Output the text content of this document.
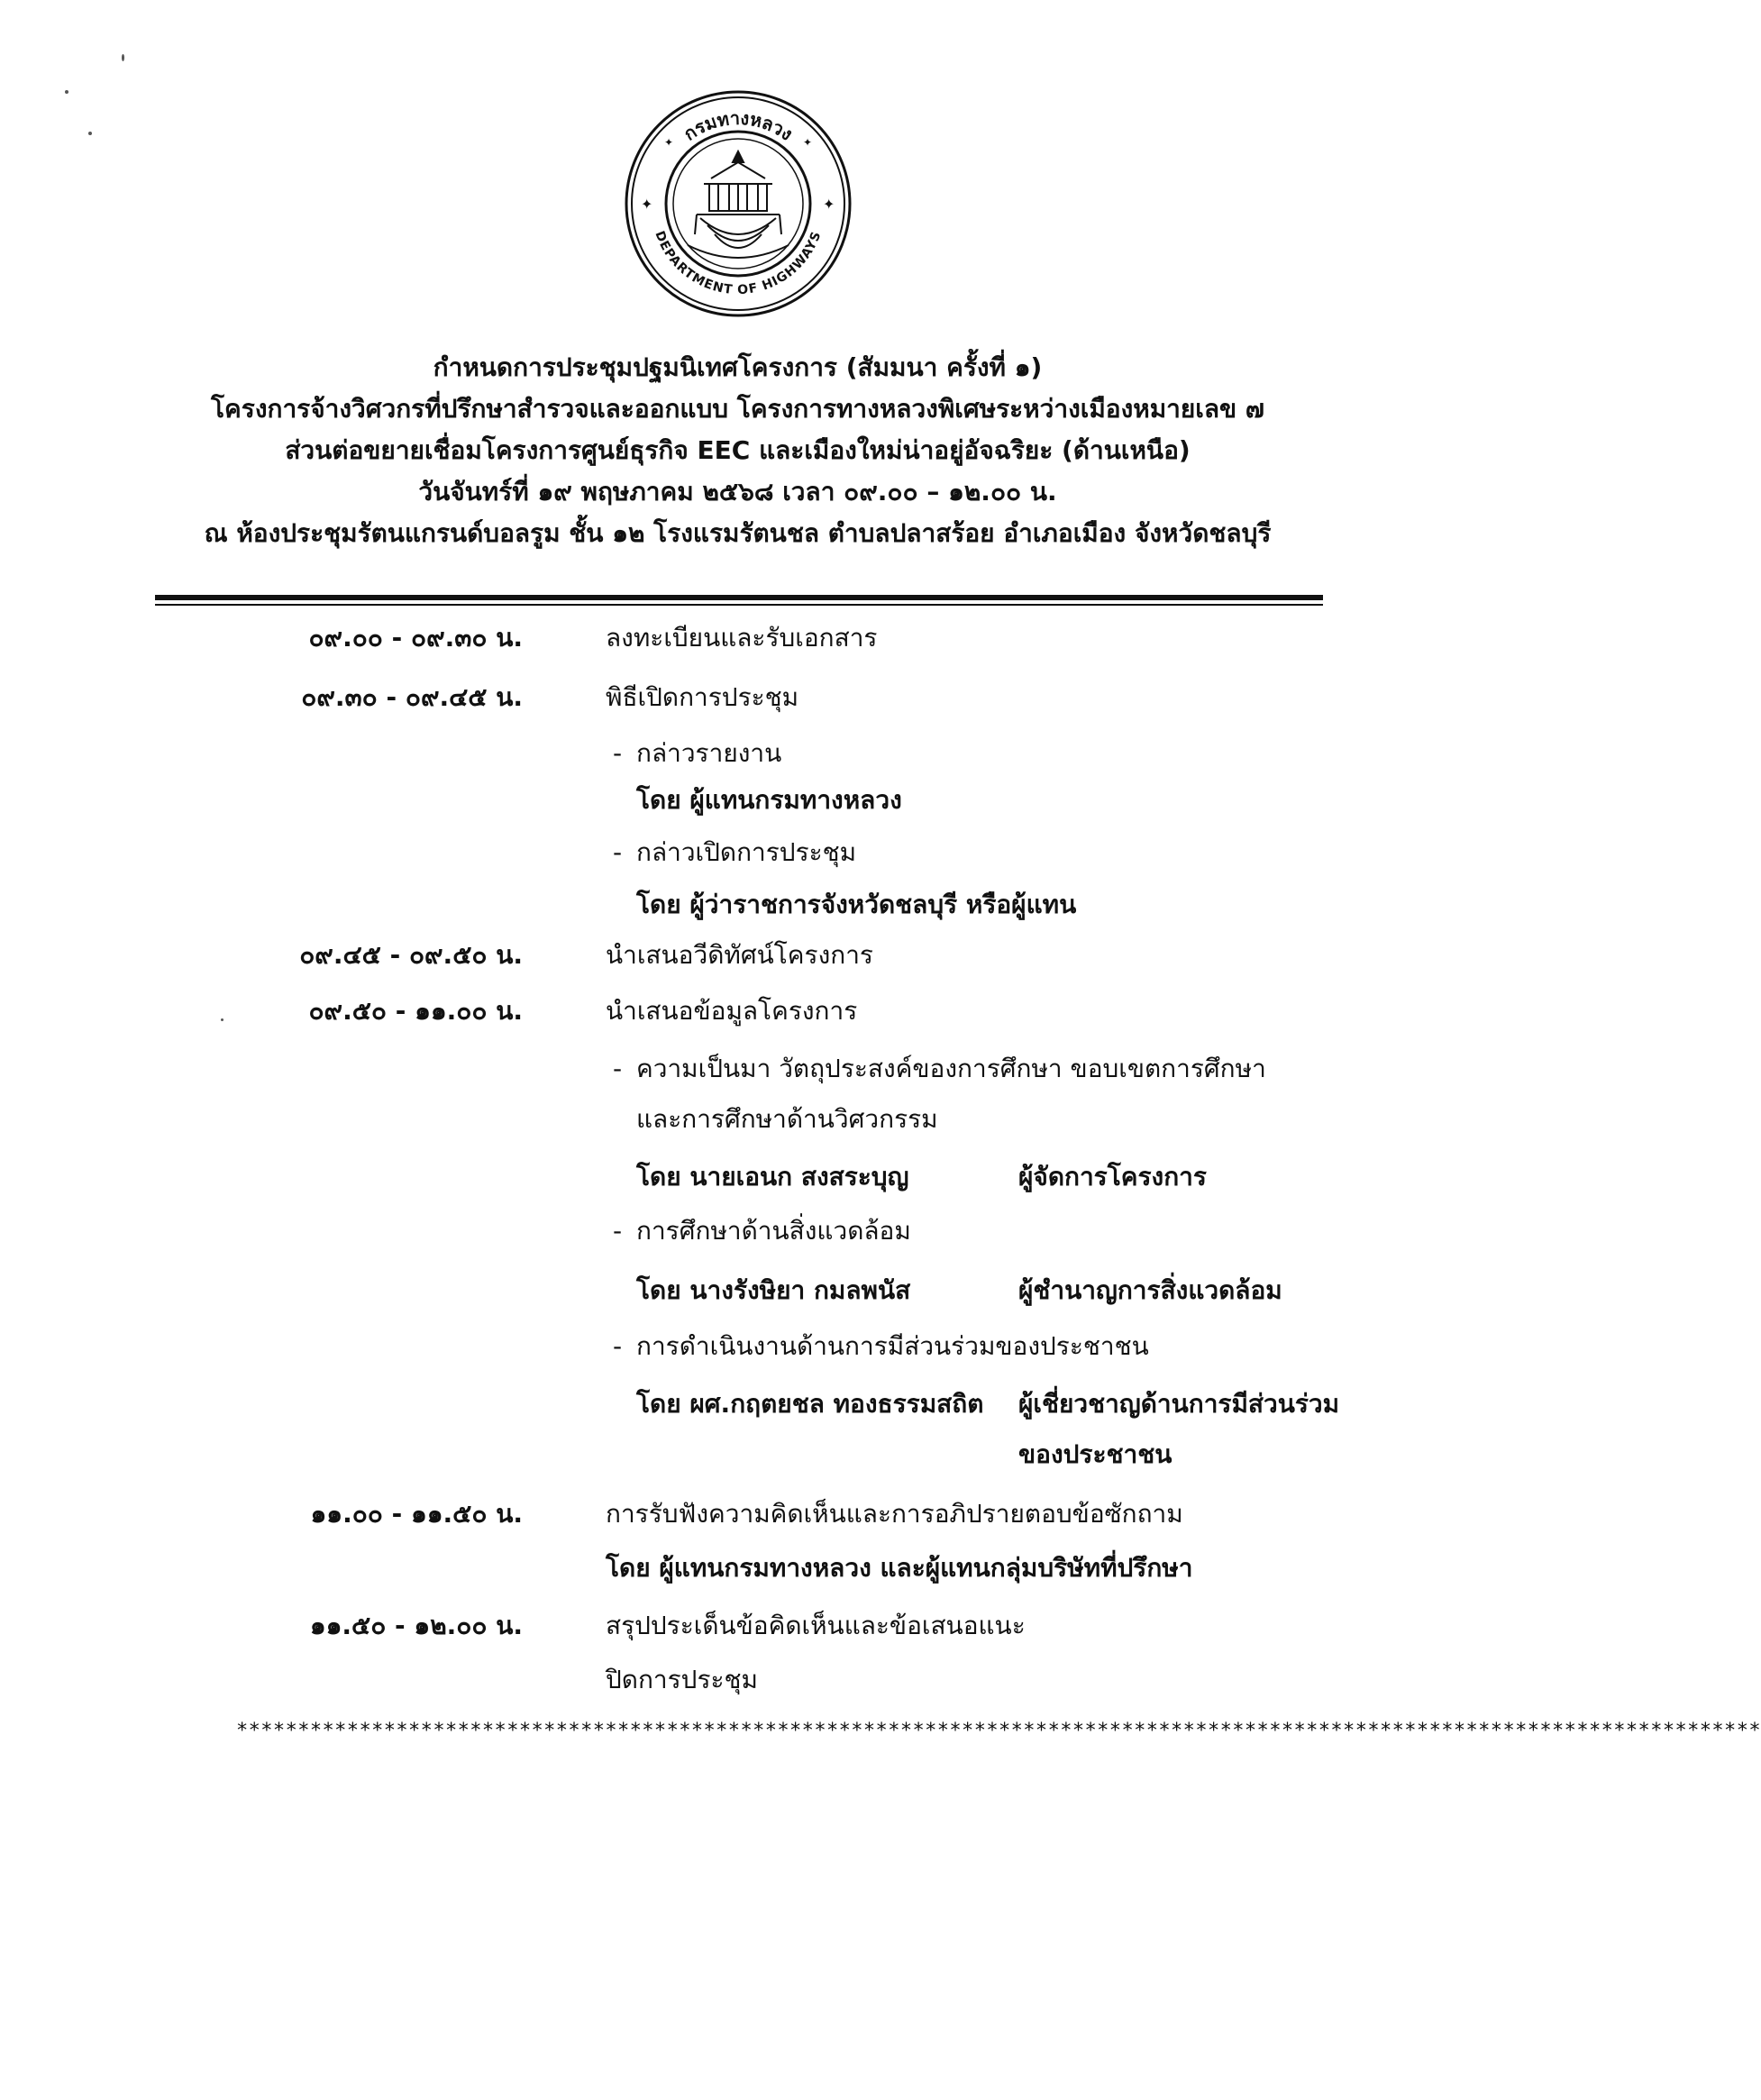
กรมทางหลวง
DEPARTMENT OF HIGHWAYS
✦	✦
✦	✦
กำหนดการประชุมปฐมนิเทศโครงการ (สัมมนา ครั้งที่ ๑)
โครงการจ้างวิศวกรที่ปรึกษาสำรวจและออกแบบ โครงการทางหลวงพิเศษระหว่างเมืองหมายเลข ๗
ส่วนต่อขยายเชื่อมโครงการศูนย์ธุรกิจ EEC และเมืองใหม่น่าอยู่อัจฉริยะ (ด้านเหนือ)
วันจันทร์ที่ ๑๙ พฤษภาคม ๒๕๖๘ เวลา ๐๙.๐๐ – ๑๒.๐๐ น.
ณ ห้องประชุมรัตนแกรนด์บอลรูม ชั้น ๑๒ โรงแรมรัตนชล ตำบลปลาสร้อย อำเภอเมือง จังหวัดชลบุรี
๐๙.๐๐ - ๐๙.๓๐ น.	ลงทะเบียนและรับเอกสาร
๐๙.๓๐ - ๐๙.๔๕ น.	พิธีเปิดการประชุม
- กล่าวรายงาน
โดย ผู้แทนกรมทางหลวง
- กล่าวเปิดการประชุม
โดย ผู้ว่าราชการจังหวัดชลบุรี หรือผู้แทน
๐๙.๔๕ - ๐๙.๕๐ น.	นำเสนอวีดิทัศน์โครงการ
๐๙.๕๐ - ๑๑.๐๐ น.	นำเสนอข้อมูลโครงการ
- ความเป็นมา วัตถุประสงค์ของการศึกษา ขอบเขตการศึกษา
และการศึกษาด้านวิศวกรรม
โดย นายเอนก สงสระบุญ	ผู้จัดการโครงการ
- การศึกษาด้านสิ่งแวดล้อม
โดย นางรังษิยา กมลพนัส	ผู้ชำนาญการสิ่งแวดล้อม
- การดำเนินงานด้านการมีส่วนร่วมของประชาชน
โดย ผศ.กฤตยชล ทองธรรมสถิต ผู้เชี่ยวชาญด้านการมีส่วนร่วม
ของประชาชน
๑๑.๐๐ - ๑๑.๕๐ น.	การรับฟังความคิดเห็นและการอภิปรายตอบข้อซักถาม
โดย ผู้แทนกรมทางหลวง และผู้แทนกลุ่มบริษัทที่ปรึกษา
๑๑.๕๐ - ๑๒.๐๐ น.	สรุปประเด็นข้อคิดเห็นและข้อเสนอแนะ
ปิดการประชุม
****************************************************************************************************************************
